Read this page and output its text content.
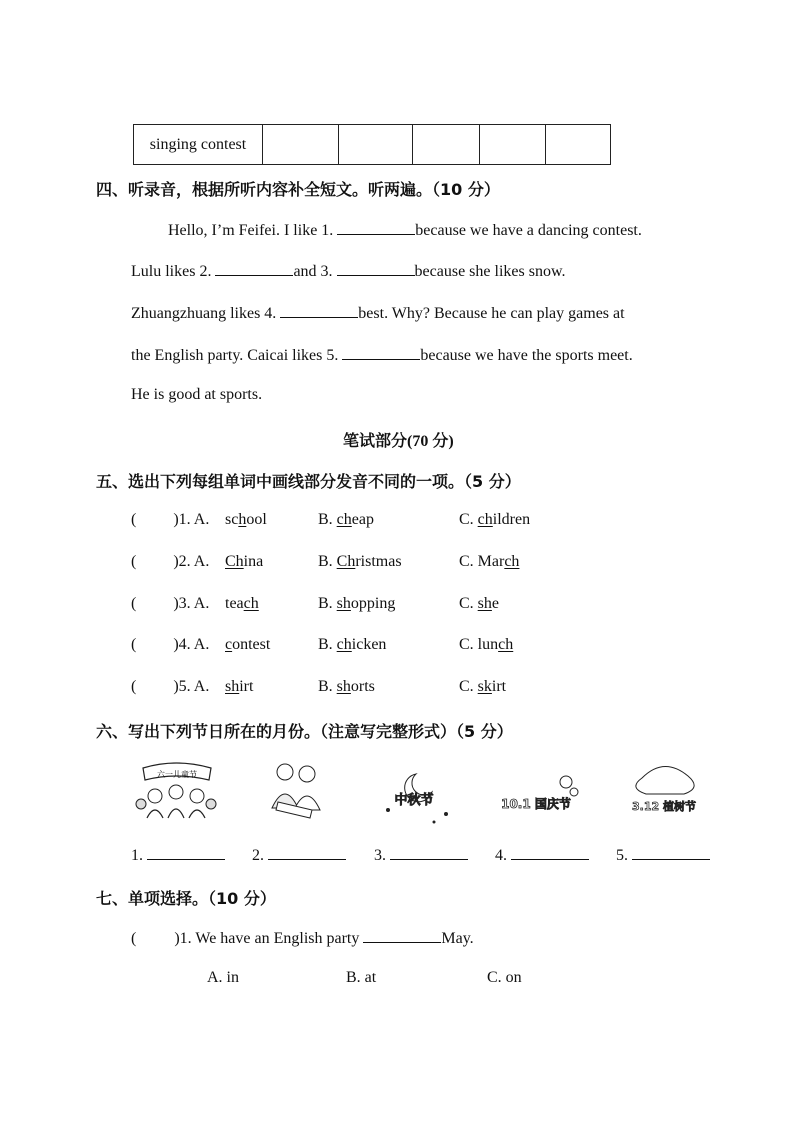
singing contest					
四、听录音，根据所听内容补全短文。听两遍。（10 分）
Hello, I’m Feifei. I like 1.	because we have a dancing contest.
Lulu likes 2.	and 3.	because she likes snow.
Zhuangzhuang likes 4.	best. Why? Because he can play games at
the English party. Caicai likes 5.	because we have the sports meet.
He is good at sports.
笔试部分(70 分)
五、选出下列每组单词中画线部分发音不同的一项。（5 分）
( )1. A. school	B. cheap	C. children
( )2. A. China	B. Christmas	C. March
( )3. A. teach	B. shopping	C. she
( )4. A. contest	B. chicken	C. lunch
( )5. A. shirt	B. shorts	C. skirt
六、写出下列节日所在的月份。（注意写完整形式）（5 分）
六一儿童节
中秋节	10.1 国庆节	3.12 植树节
1.	2.	3.	4.	5.
七、单项选择。（10 分）
( )1. We have an English party	May.
A. in	B. at	C. on
